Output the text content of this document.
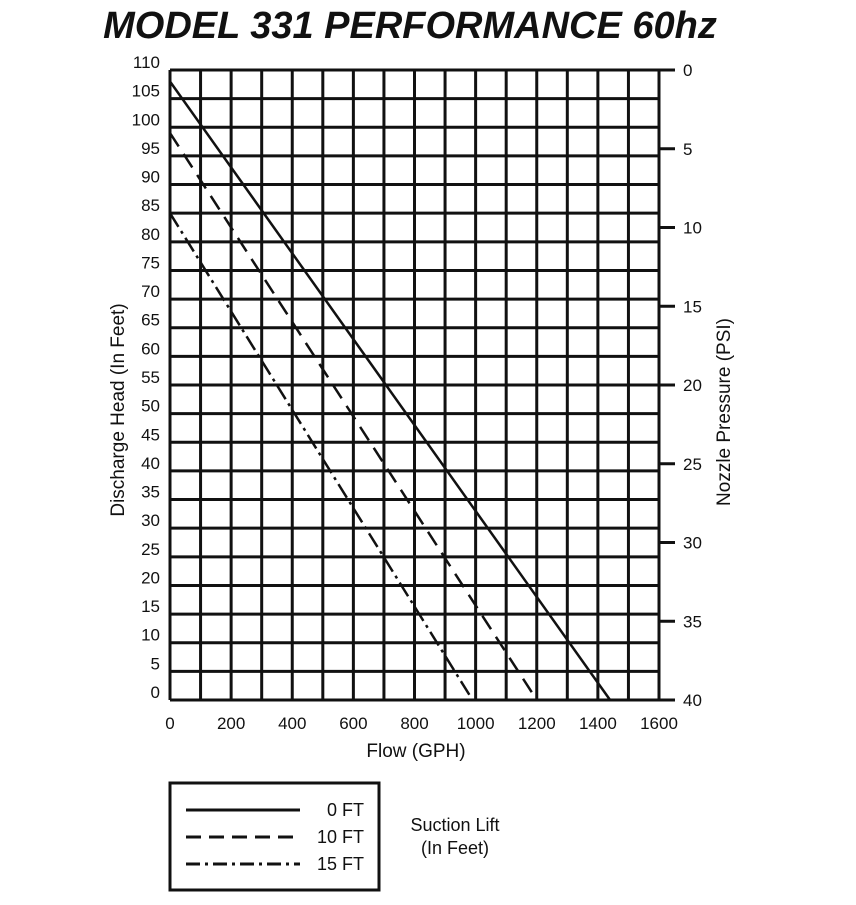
MODEL 331 PERFORMANCE 60hz
0 200 400 600 800 1000 1200 1400 1600
0
5
10
15
20
25
30
35
40
45
50
55
60
65
70
75
80
85
90
95
100
105
110	0
5
10
15
20
25
30
35
40
Flow (GPH)
Discharge Head (In Feet)	Nozzle Pressure (PSI)
0 FT
10 FT
15 FT
Suction Lift
(In Feet)
